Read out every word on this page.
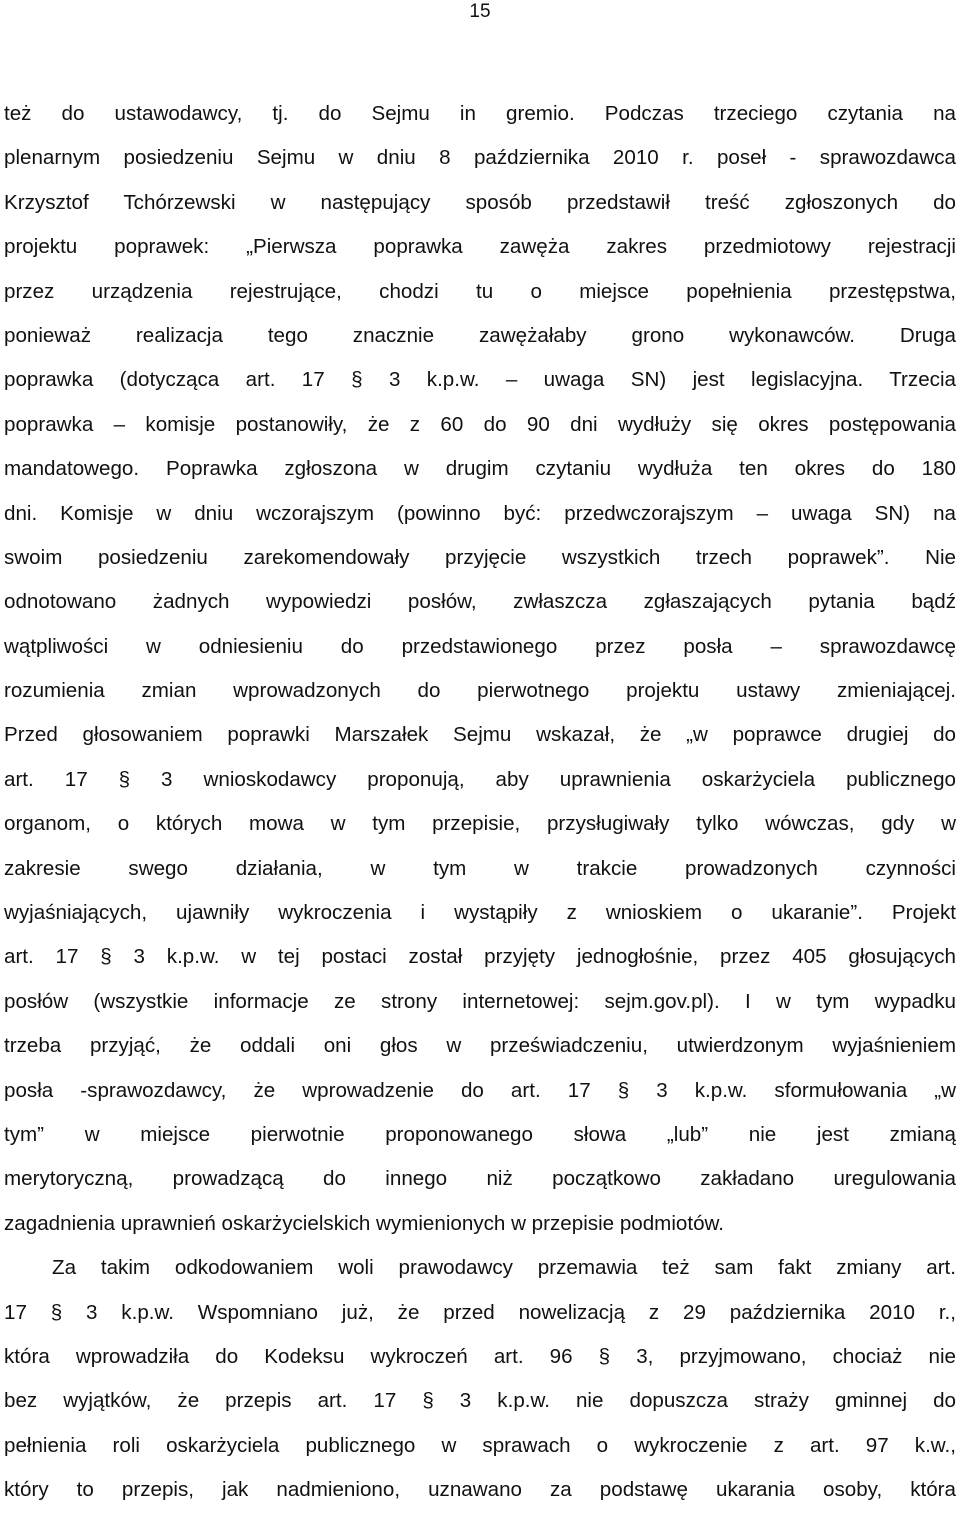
15
też do ustawodawcy, tj. do Sejmu in gremio. Podczas trzeciego czytania na
plenarnym posiedzeniu Sejmu w dniu 8 października 2010 r. poseł - sprawozdawca
Krzysztof Tchórzewski w następujący sposób przedstawił treść zgłoszonych do
projektu poprawek: „Pierwsza poprawka zawęża zakres przedmiotowy rejestracji
przez urządzenia rejestrujące, chodzi tu o miejsce popełnienia przestępstwa,
ponieważ realizacja tego znacznie zawężałaby grono wykonawców. Druga
poprawka (dotycząca art. 17 § 3 k.p.w. – uwaga SN) jest legislacyjna. Trzecia
poprawka – komisje postanowiły, że z 60 do 90 dni wydłuży się okres postępowania
mandatowego. Poprawka zgłoszona w drugim czytaniu wydłuża ten okres do 180
dni. Komisje w dniu wczorajszym (powinno być: przedwczorajszym – uwaga SN) na
swoim posiedzeniu zarekomendowały przyjęcie wszystkich trzech poprawek”. Nie
odnotowano żadnych wypowiedzi posłów, zwłaszcza zgłaszających pytania bądź
wątpliwości w odniesieniu do przedstawionego przez posła – sprawozdawcę
rozumienia zmian wprowadzonych do pierwotnego projektu ustawy zmieniającej.
Przed głosowaniem poprawki Marszałek Sejmu wskazał, że „w poprawce drugiej do
art. 17 § 3 wnioskodawcy proponują, aby uprawnienia oskarżyciela publicznego
organom, o których mowa w tym przepisie, przysługiwały tylko wówczas, gdy w
zakresie swego działania, w tym w trakcie prowadzonych czynności
wyjaśniających, ujawniły wykroczenia i wystąpiły z wnioskiem o ukaranie”. Projekt
art. 17 § 3 k.p.w. w tej postaci został przyjęty jednogłośnie, przez 405 głosujących
posłów (wszystkie informacje ze strony internetowej: sejm.gov.pl). I w tym wypadku
trzeba przyjąć, że oddali oni głos w przeświadczeniu, utwierdzonym wyjaśnieniem
posła -sprawozdawcy, że wprowadzenie do art. 17 § 3 k.p.w. sformułowania „w
tym” w miejsce pierwotnie proponowanego słowa „lub” nie jest zmianą
merytoryczną, prowadzącą do innego niż początkowo zakładano uregulowania
zagadnienia uprawnień oskarżycielskich wymienionych w przepisie podmiotów.
Za takim odkodowaniem woli prawodawcy przemawia też sam fakt zmiany art.
17 § 3 k.p.w. Wspomniano już, że przed nowelizacją z 29 października 2010 r.,
która wprowadziła do Kodeksu wykroczeń art. 96 § 3, przyjmowano, chociaż nie
bez wyjątków, że przepis art. 17 § 3 k.p.w. nie dopuszcza straży gminnej do
pełnienia roli oskarżyciela publicznego w sprawach o wykroczenie z art. 97 k.w.,
który to przepis, jak nadmieniono, uznawano za podstawę ukarania osoby, która
